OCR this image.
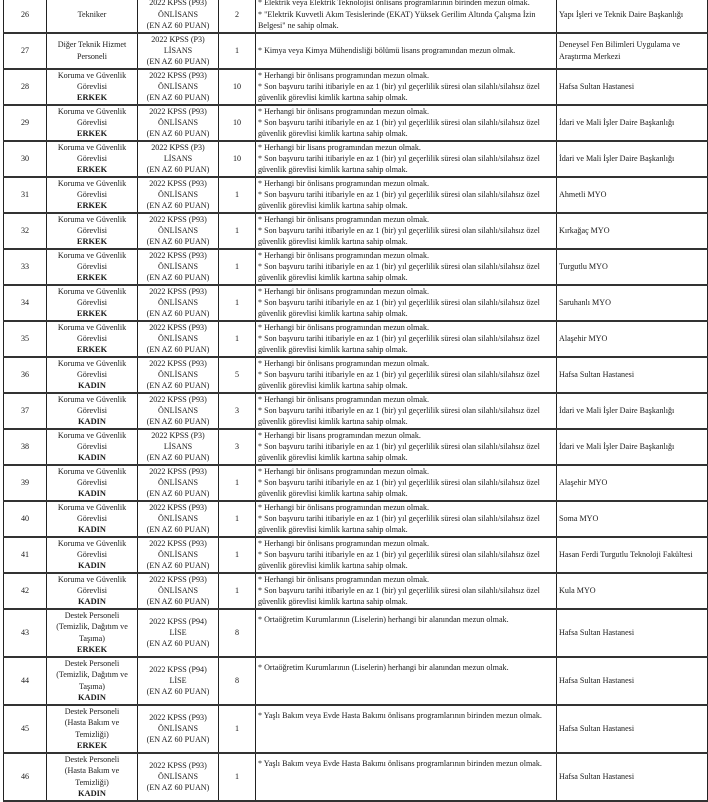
26	Tekniker	2022 KPSS (P93)
ÖNLİSANS
(EN AZ 60 PUAN)	2	* Elektrik veya Elektrik Teknolojisi önlisans programlarının birinden mezun olmak.
* "Elektrik Kuvvetli Akım Tesislerinde (EKAT) Yüksek Gerilim Altında Çalışma İzin Belgesi" ne sahip olmak.	Yapı İşleri ve Teknik Daire Başkanlığı
27	Diğer Teknik Hizmet
Personeli	2022 KPSS (P3)
LİSANS
(EN AZ 60 PUAN)	1	* Kimya veya Kimya Mühendisliği bölümü lisans programından mezun olmak.	Deneysel Fen Bilimleri Uygulama ve Araştırma Merkezi
28	Koruma ve Güvenlik
Görevlisi
ERKEK	2022 KPSS (P93)
ÖNLİSANS
(EN AZ 60 PUAN)	10	* Herhangi bir önlisans programından mezun olmak.
* Son başvuru tarihi itibariyle en az 1 (bir) yıl geçerlilik süresi olan silahlı/silahsız özel güvenlik görevlisi kimlik kartına sahip olmak.	Hafsa Sultan Hastanesi
29	Koruma ve Güvenlik
Görevlisi
ERKEK	2022 KPSS (P93)
ÖNLİSANS
(EN AZ 60 PUAN)	10	* Herhangi bir önlisans programından mezun olmak.
* Son başvuru tarihi itibariyle en az 1 (bir) yıl geçerlilik süresi olan silahlı/silahsız özel güvenlik görevlisi kimlik kartına sahip olmak.	İdari ve Mali İşler Daire Başkanlığı
30	Koruma ve Güvenlik
Görevlisi
ERKEK	2022 KPSS (P3)
LİSANS
(EN AZ 60 PUAN)	10	* Herhangi bir lisans programından mezun olmak.
* Son başvuru tarihi itibariyle en az 1 (bir) yıl geçerlilik süresi olan silahlı/silahsız özel güvenlik görevlisi kimlik kartına sahip olmak.	İdari ve Mali İşler Daire Başkanlığı
31	Koruma ve Güvenlik
Görevlisi
ERKEK	2022 KPSS (P93)
ÖNLİSANS
(EN AZ 60 PUAN)	1	* Herhangi bir önlisans programından mezun olmak.
* Son başvuru tarihi itibariyle en az 1 (bir) yıl geçerlilik süresi olan silahlı/silahsız özel güvenlik görevlisi kimlik kartına sahip olmak.	Ahmetli MYO
32	Koruma ve Güvenlik
Görevlisi
ERKEK	2022 KPSS (P93)
ÖNLİSANS
(EN AZ 60 PUAN)	1	* Herhangi bir önlisans programından mezun olmak.
* Son başvuru tarihi itibariyle en az 1 (bir) yıl geçerlilik süresi olan silahlı/silahsız özel güvenlik görevlisi kimlik kartına sahip olmak.	Kırkağaç MYO
33	Koruma ve Güvenlik
Görevlisi
ERKEK	2022 KPSS (P93)
ÖNLİSANS
(EN AZ 60 PUAN)	1	* Herhangi bir önlisans programından mezun olmak.
* Son başvuru tarihi itibariyle en az 1 (bir) yıl geçerlilik süresi olan silahlı/silahsız özel güvenlik görevlisi kimlik kartına sahip olmak.	Turgutlu MYO
34	Koruma ve Güvenlik
Görevlisi
ERKEK	2022 KPSS (P93)
ÖNLİSANS
(EN AZ 60 PUAN)	1	* Herhangi bir önlisans programından mezun olmak.
* Son başvuru tarihi itibariyle en az 1 (bir) yıl geçerlilik süresi olan silahlı/silahsız özel güvenlik görevlisi kimlik kartına sahip olmak.	Saruhanlı MYO
35	Koruma ve Güvenlik
Görevlisi
ERKEK	2022 KPSS (P93)
ÖNLİSANS
(EN AZ 60 PUAN)	1	* Herhangi bir önlisans programından mezun olmak.
* Son başvuru tarihi itibariyle en az 1 (bir) yıl geçerlilik süresi olan silahlı/silahsız özel güvenlik görevlisi kimlik kartına sahip olmak.	Alaşehir MYO
36	Koruma ve Güvenlik
Görevlisi
KADIN	2022 KPSS (P93)
ÖNLİSANS
(EN AZ 60 PUAN)	5	* Herhangi bir önlisans programından mezun olmak.
* Son başvuru tarihi itibariyle en az 1 (bir) yıl geçerlilik süresi olan silahlı/silahsız özel güvenlik görevlisi kimlik kartına sahip olmak.	Hafsa Sultan Hastanesi
37	Koruma ve Güvenlik
Görevlisi
KADIN	2022 KPSS (P93)
ÖNLİSANS
(EN AZ 60 PUAN)	3	* Herhangi bir önlisans programından mezun olmak.
* Son başvuru tarihi itibariyle en az 1 (bir) yıl geçerlilik süresi olan silahlı/silahsız özel güvenlik görevlisi kimlik kartına sahip olmak.	İdari ve Mali İşler Daire Başkanlığı
38	Koruma ve Güvenlik
Görevlisi
KADIN	2022 KPSS (P3)
LİSANS
(EN AZ 60 PUAN)	3	* Herhangi bir lisans programından mezun olmak.
* Son başvuru tarihi itibariyle en az 1 (bir) yıl geçerlilik süresi olan silahlı/silahsız özel güvenlik görevlisi kimlik kartına sahip olmak.	İdari ve Mali İşler Daire Başkanlığı
39	Koruma ve Güvenlik
Görevlisi
KADIN	2022 KPSS (P93)
ÖNLİSANS
(EN AZ 60 PUAN)	1	* Herhangi bir önlisans programından mezun olmak.
* Son başvuru tarihi itibariyle en az 1 (bir) yıl geçerlilik süresi olan silahlı/silahsız özel güvenlik görevlisi kimlik kartına sahip olmak.	Alaşehir MYO
40	Koruma ve Güvenlik
Görevlisi
KADIN	2022 KPSS (P93)
ÖNLİSANS
(EN AZ 60 PUAN)	1	* Herhangi bir önlisans programından mezun olmak.
* Son başvuru tarihi itibariyle en az 1 (bir) yıl geçerlilik süresi olan silahlı/silahsız özel güvenlik görevlisi kimlik kartına sahip olmak.	Soma MYO
41	Koruma ve Güvenlik
Görevlisi
KADIN	2022 KPSS (P93)
ÖNLİSANS
(EN AZ 60 PUAN)	1	* Herhangi bir önlisans programından mezun olmak.
* Son başvuru tarihi itibariyle en az 1 (bir) yıl geçerlilik süresi olan silahlı/silahsız özel güvenlik görevlisi kimlik kartına sahip olmak.	Hasan Ferdi Turgutlu Teknoloji Fakültesi
42	Koruma ve Güvenlik
Görevlisi
KADIN	2022 KPSS (P93)
ÖNLİSANS
(EN AZ 60 PUAN)	1	* Herhangi bir önlisans programından mezun olmak.
* Son başvuru tarihi itibariyle en az 1 (bir) yıl geçerlilik süresi olan silahlı/silahsız özel güvenlik görevlisi kimlik kartına sahip olmak.	Kula MYO
43	Destek Personeli
(Temizlik, Dağıtım ve
Taşıma)
ERKEK	2022 KPSS (P94)
LİSE
(EN AZ 60 PUAN)	8	* Ortaöğretim Kurumlarının (Liselerin) herhangi bir alanından mezun olmak.	Hafsa Sultan Hastanesi
44	Destek Personeli
(Temizlik, Dağıtım ve
Taşıma)
KADIN	2022 KPSS (P94)
LİSE
(EN AZ 60 PUAN)	8	* Ortaöğretim Kurumlarının (Liselerin) herhangi bir alanından mezun olmak.	Hafsa Sultan Hastanesi
45	Destek Personeli
(Hasta Bakım ve
Temizliği)
ERKEK	2022 KPSS (P93)
ÖNLİSANS
(EN AZ 60 PUAN)	1	* Yaşlı Bakım veya Evde Hasta Bakımı önlisans programlarının birinden mezun olmak.	Hafsa Sultan Hastanesi
46	Destek Personeli
(Hasta Bakım ve
Temizliği)
KADIN	2022 KPSS (P93)
ÖNLİSANS
(EN AZ 60 PUAN)	1	* Yaşlı Bakım veya Evde Hasta Bakımı önlisans programlarının birinden mezun olmak.	Hafsa Sultan Hastanesi
